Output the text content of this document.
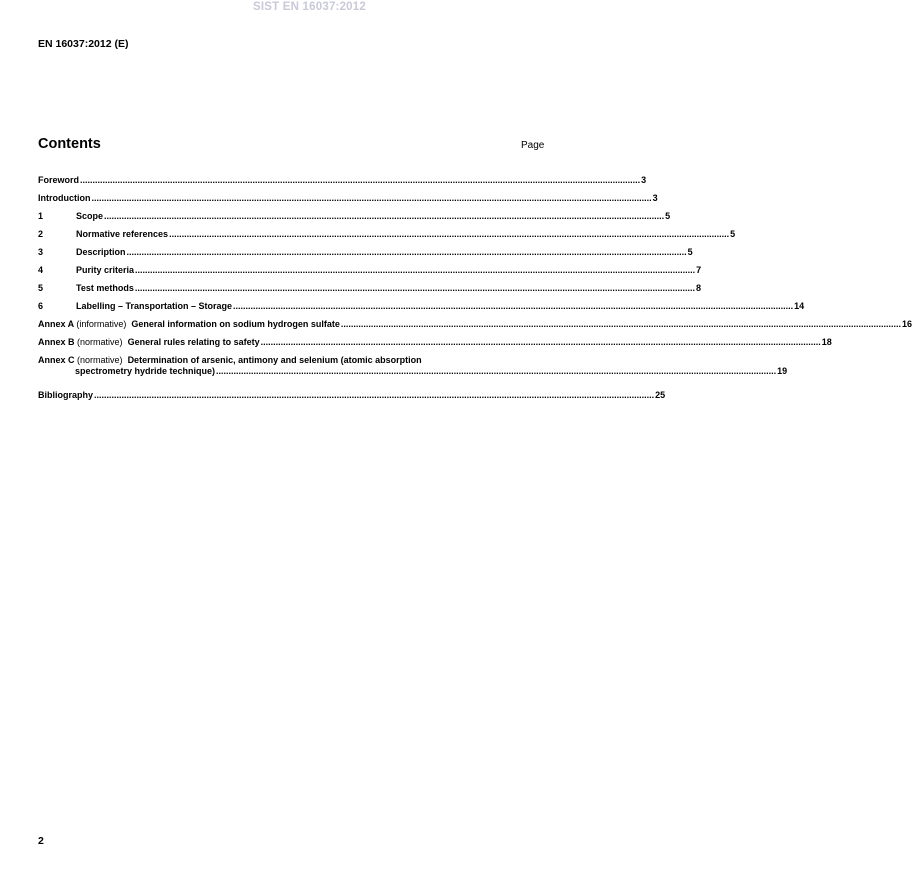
SIST EN 16037:2012
EN 16037:2012 (E)
Contents	Page
Foreword .....	3
Introduction .....	3
1	Scope .....	5
2	Normative references .....	5
3	Description .....	5
4	Purity criteria .....	7
5	Test methods .....	8
6	Labelling – Transportation – Storage .....	14
Annex A (informative) General information on sodium hydrogen sulfate .....	16
Annex B (normative) General rules relating to safety .....	18
Annex C (normative) Determination of arsenic, antimony and selenium (atomic absorption
spectrometry hydride technique) ................................................................................................................................................................................................................................ 19
Bibliography .....	25
2
